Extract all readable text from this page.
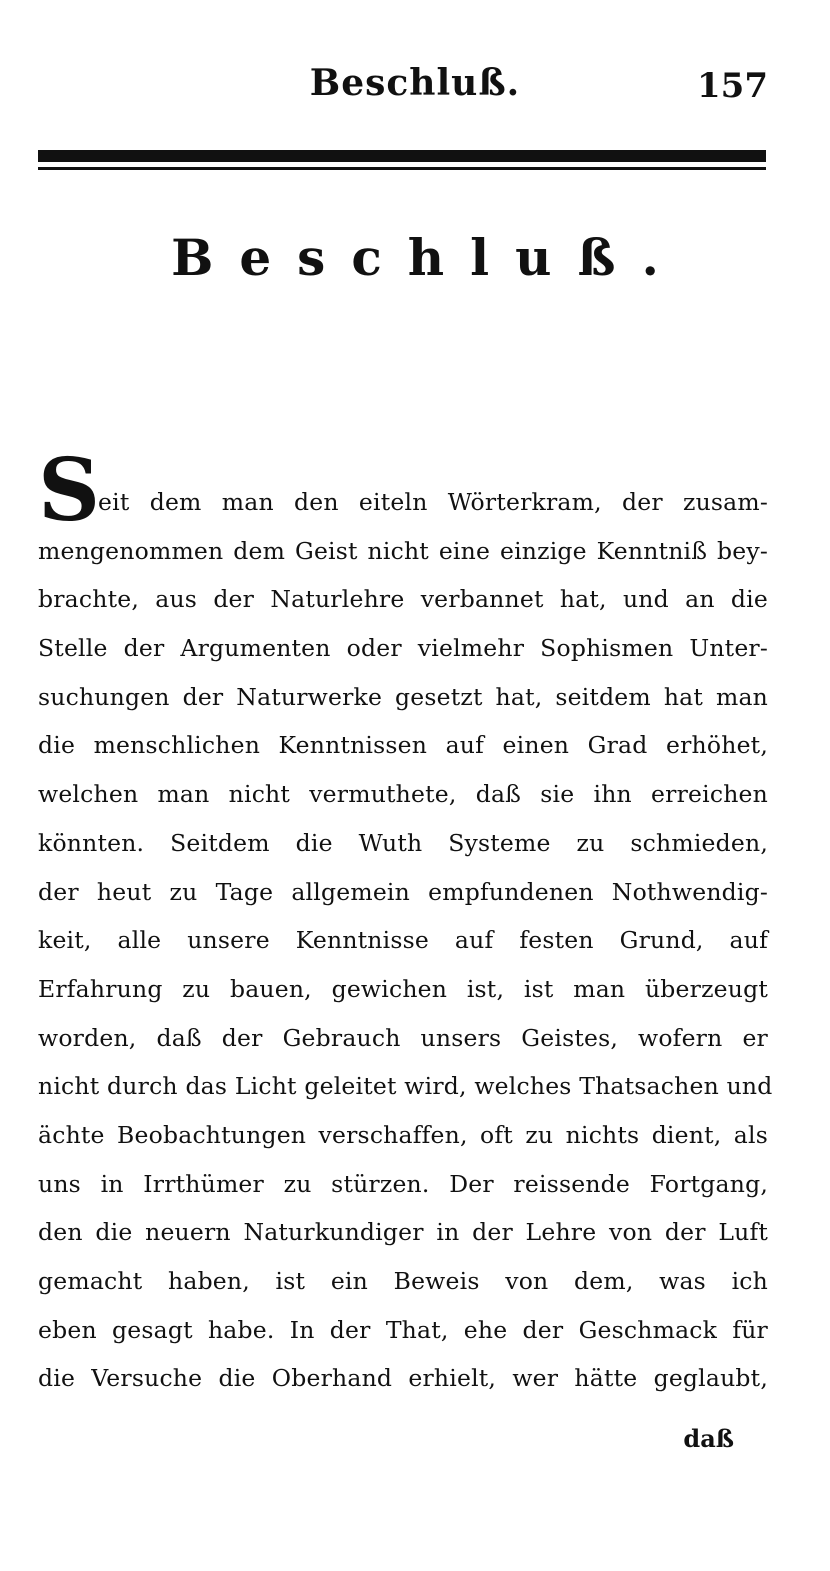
Beschluß.	157
Beschluß.
S
eit dem man den eiteln Wörterkram, der zusam-
mengenommen dem Geist nicht eine einzige Kenntniß bey-
brachte, aus der Naturlehre verbannet hat, und an die
Stelle der Argumenten oder vielmehr Sophismen Unter-
suchungen der Naturwerke gesetzt hat, seitdem hat man
die menschlichen Kenntnissen auf einen Grad erhöhet,
welchen man nicht vermuthete, daß sie ihn erreichen
könnten. Seitdem die Wuth Systeme zu schmieden,
der heut zu Tage allgemein empfundenen Nothwendig-
keit, alle unsere Kenntnisse auf festen Grund, auf
Erfahrung zu bauen, gewichen ist, ist man überzeugt
worden, daß der Gebrauch unsers Geistes, wofern er
nicht durch das Licht geleitet wird, welches Thatsachen und
ächte Beobachtungen verschaffen, oft zu nichts dient, als
uns in Irrthümer zu stürzen. Der reissende Fortgang,
den die neuern Naturkundiger in der Lehre von der Luft
gemacht haben, ist ein Beweis von dem, was ich
eben gesagt habe. In der That, ehe der Geschmack für
die Versuche die Oberhand erhielt, wer hätte geglaubt,
daß
